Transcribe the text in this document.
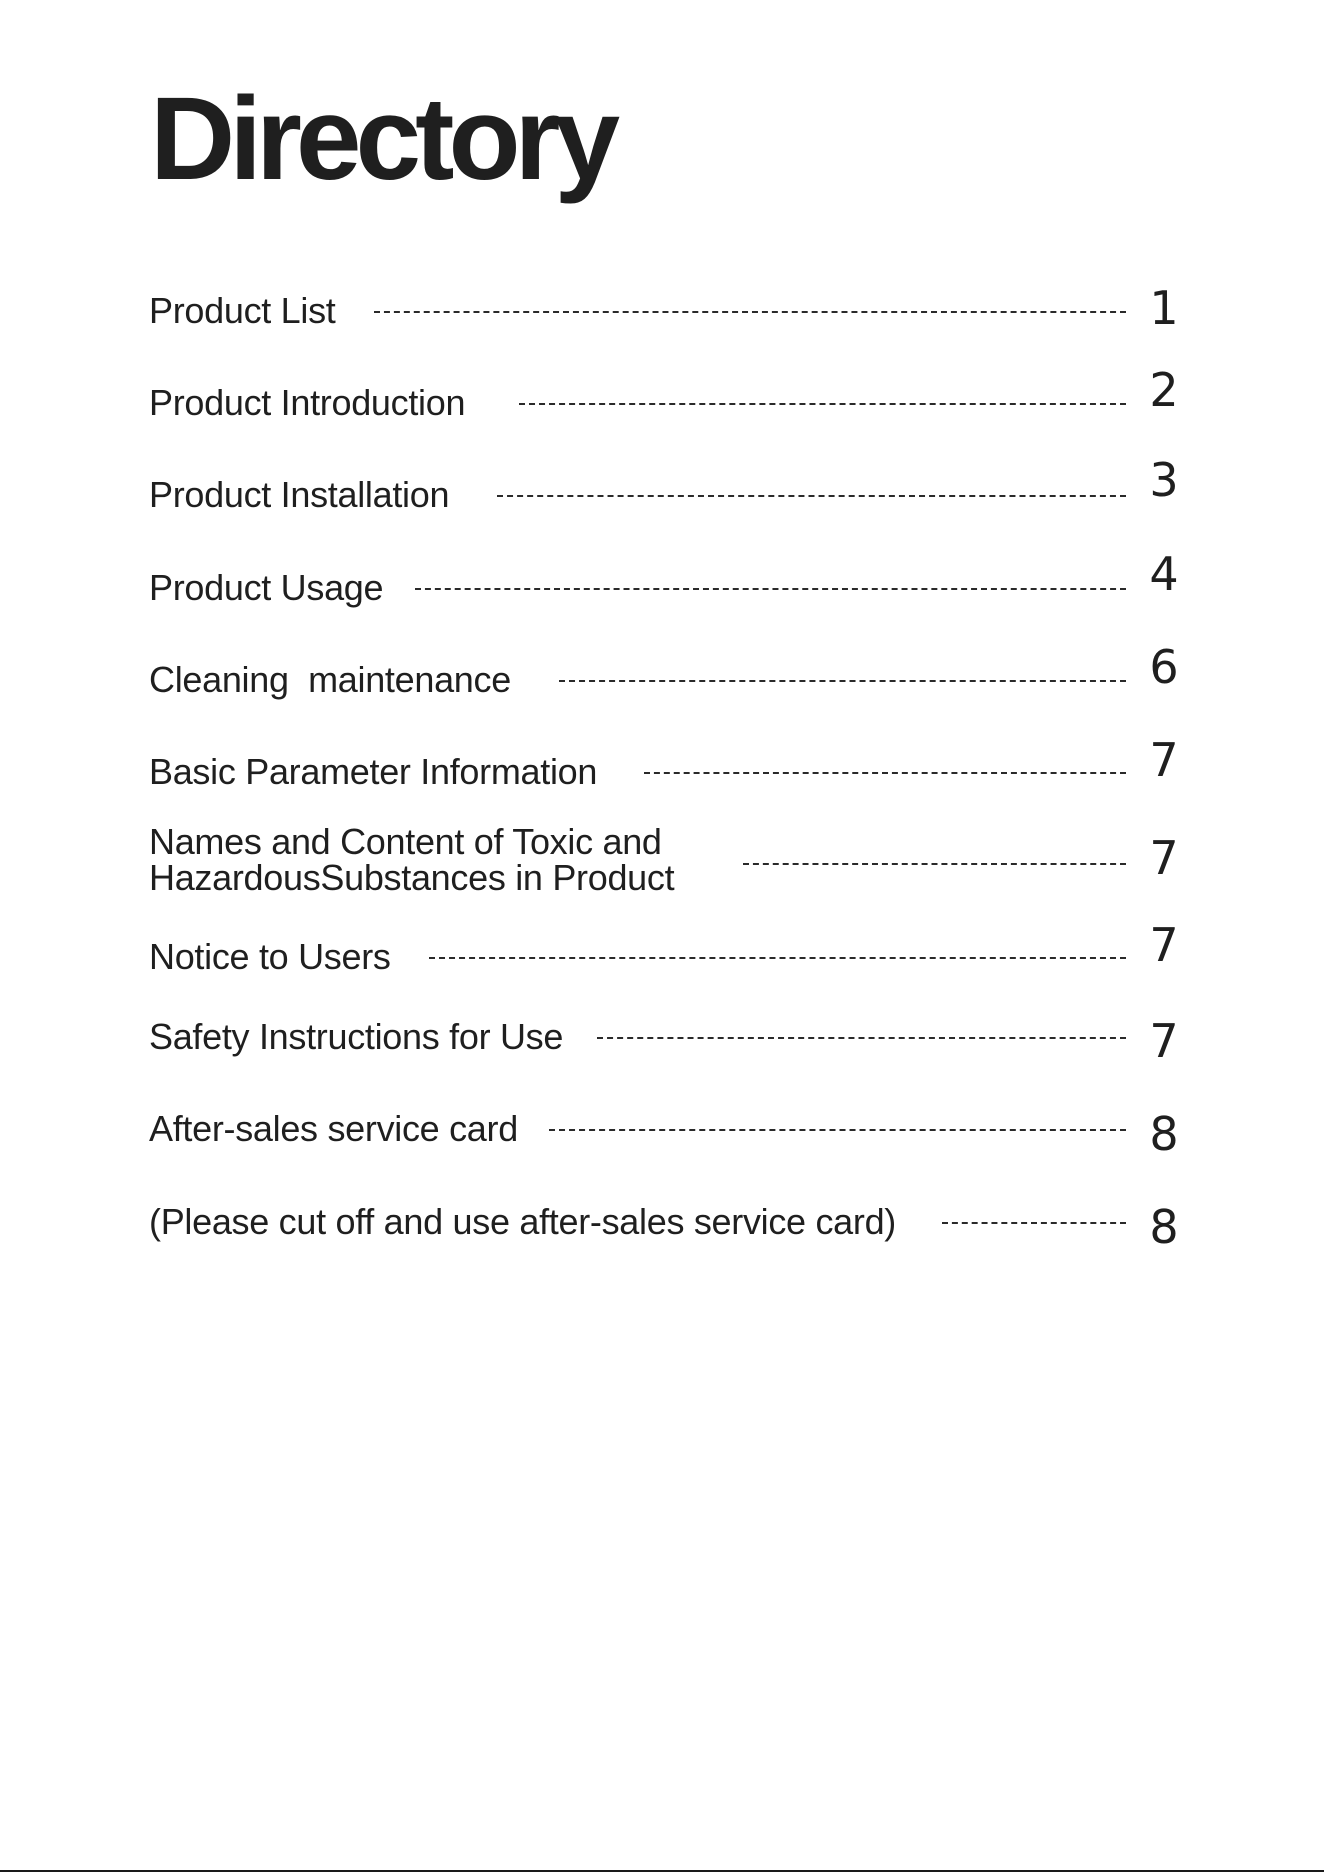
Directory
Product List	1
Product Introduction	2
Product Installation	3
Product Usage	4
Cleaning  maintenance	6
Basic Parameter Information	7
Names and Content of Toxic and
HazardousSubstances in Product	7
Notice to Users	7
Safety Instructions for Use	7
After-sales service card	8
(Please cut off and use after-sales service card)	8
